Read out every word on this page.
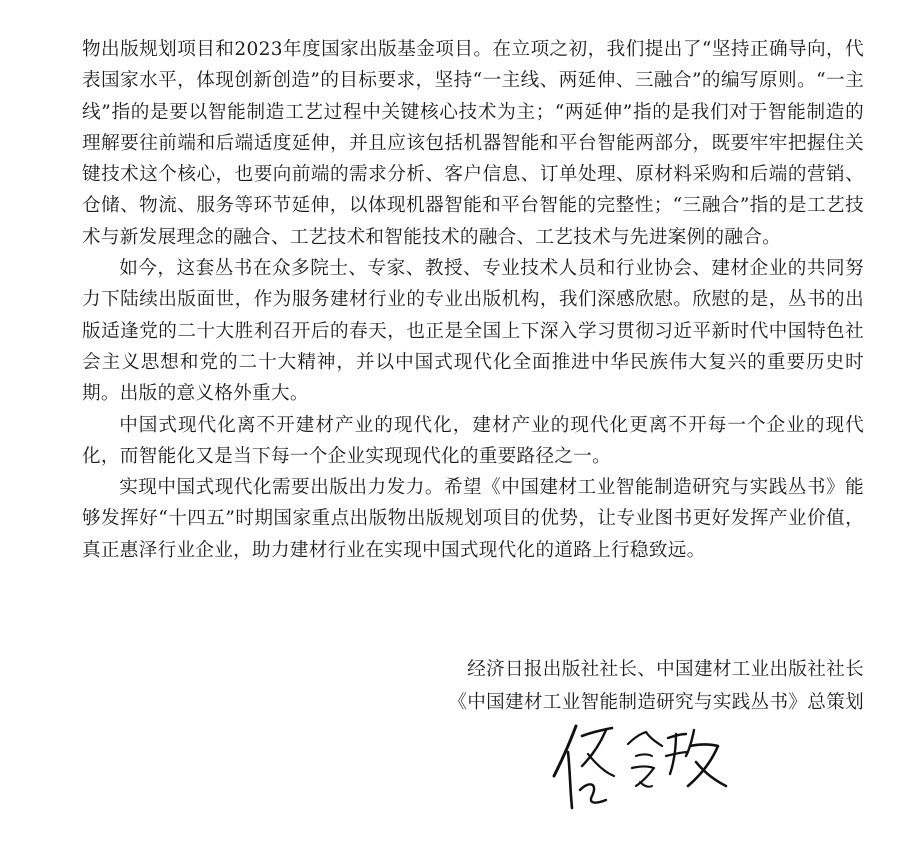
物出版规划项目和2023年度国家出版基金项目。在立项之初，我们提出了“坚持正确导向，代表国家水平，体现创新创造”的目标要求，坚持“一主线、两延伸、三融合”的编写原则。“一主线”指的是要以智能制造工艺过程中关键核心技术为主；“两延伸”指的是我们对于智能制造的理解要往前端和后端适度延伸，并且应该包括机器智能和平台智能两部分，既要牢牢把握住关键技术这个核心，也要向前端的需求分析、客户信息、订单处理、原材料采购和后端的营销、仓储、物流、服务等环节延伸，以体现机器智能和平台智能的完整性；“三融合”指的是工艺技术与新发展理念的融合、工艺技术和智能技术的融合、工艺技术与先进案例的融合。

如今，这套丛书在众多院士、专家、教授、专业技术人员和行业协会、建材企业的共同努力下陆续出版面世，作为服务建材行业的专业出版机构，我们深感欣慰。欣慰的是，丛书的出版适逢党的二十大胜利召开后的春天，也正是全国上下深入学习贯彻习近平新时代中国特色社会主义思想和党的二十大精神，并以中国式现代化全面推进中华民族伟大复兴的重要历史时期。出版的意义格外重大。

中国式现代化离不开建材产业的现代化，建材产业的现代化更离不开每一个企业的现代化，而智能化又是当下每一个企业实现现代化的重要路径之一。

实现中国式现代化需要出版出力发力。希望《中国建材工业智能制造研究与实践丛书》能够发挥好“十四五”时期国家重点出版物出版规划项目的优势，让专业图书更好发挥产业价值，真正惠泽行业企业，助力建材行业在实现中国式现代化的道路上行稳致远。

经济日报出版社社长、中国建材工业出版社社长
《中国建材工业智能制造研究与实践丛书》总策划
